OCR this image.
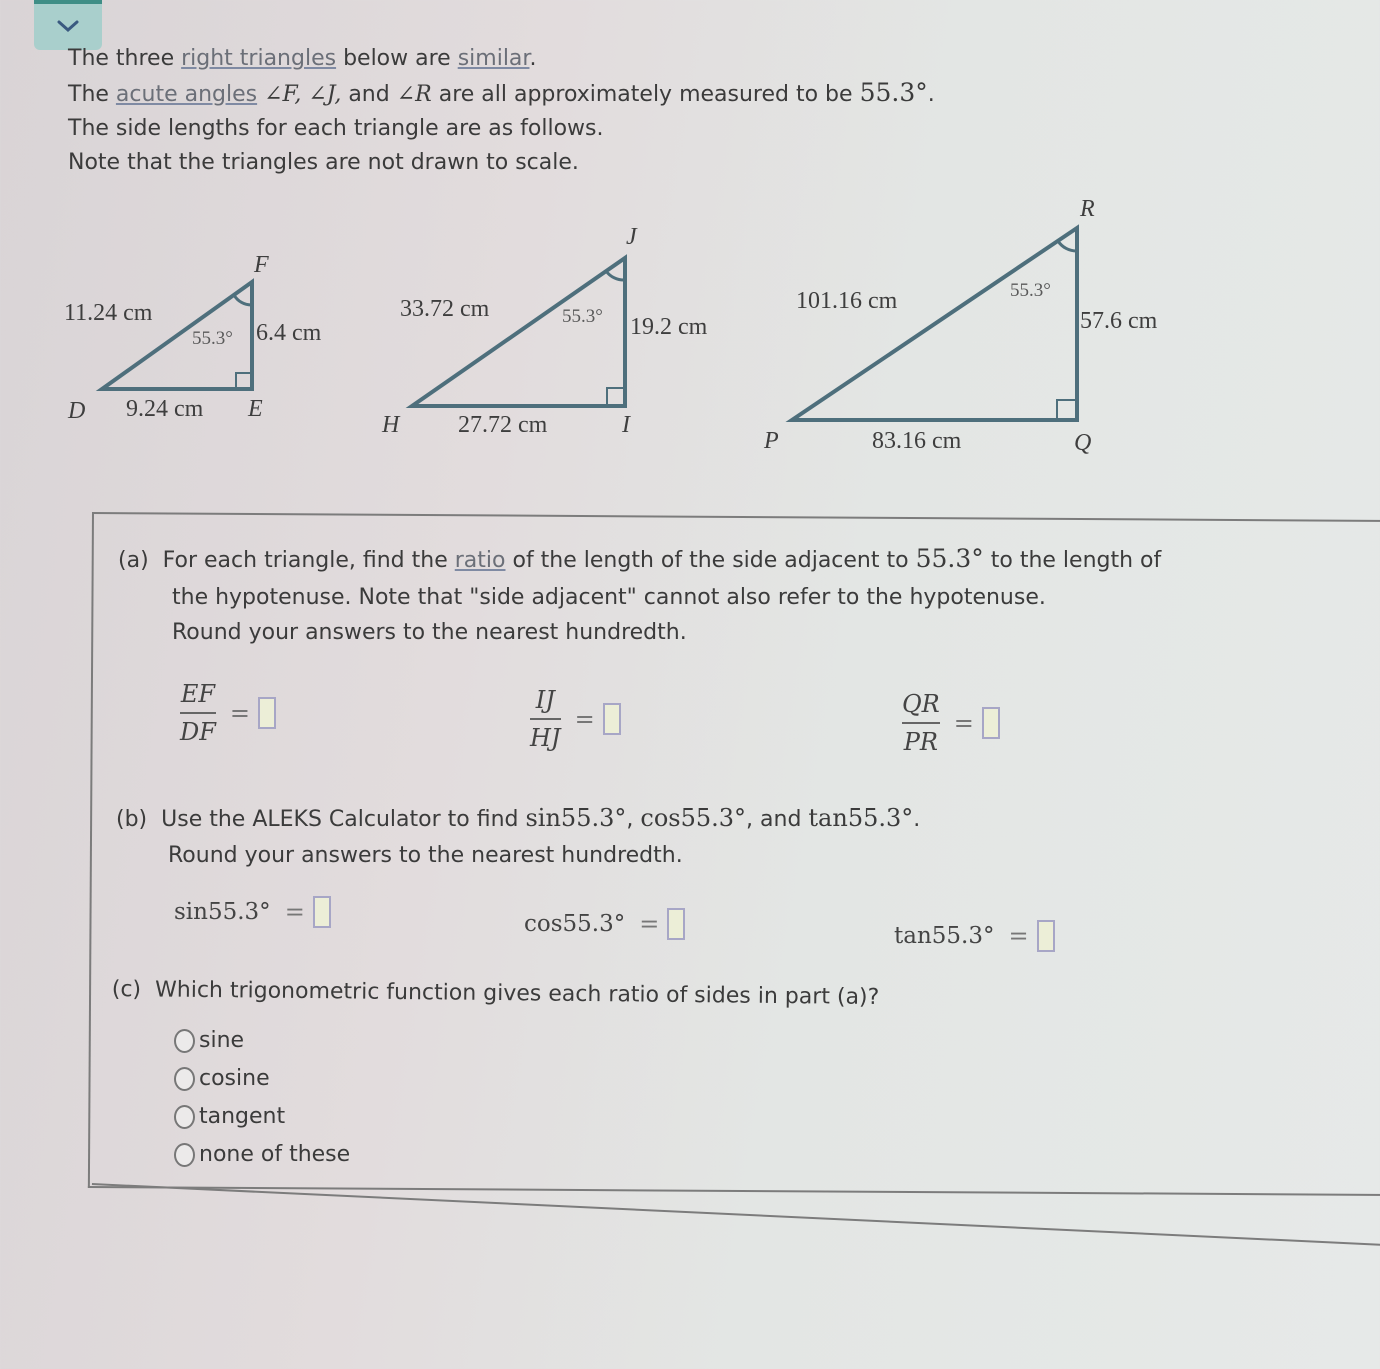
The three right triangles below are similar.

The acute angles ∠F, ∠J, and ∠R are all approximately measured to be 55.3°.

The side lengths for each triangle are as follows.

Note that the triangles are not drawn to scale.

F
11.24 cm
55.3° 6.4 cm
D 9.24 cm E
J
33.72 cm	55.3° 19.2 cm
H 27.72 cm	I
R
101.16 cm	55.3°
57.6 cm
P	83.16 cm	Q
(a) For each triangle, find the ratio of the length of the side adjacent to 55.3° to the length of
the hypotenuse. Note that "side adjacent" cannot also refer to the hypotenuse.
Round your answers to the nearest hundredth.
EF
DF
=	IJ
HJ
=
QR
PR
=
(b) Use the ALEKS Calculator to find sin55.3°, cos55.3°, and tan55.3°.
Round your answers to the nearest hundredth.
sin55.3° =	cos55.3° =	tan55.3° =
(c) Which trigonometric function gives each ratio of sides in part (a)?
sine
cosine
tangent
none of these
